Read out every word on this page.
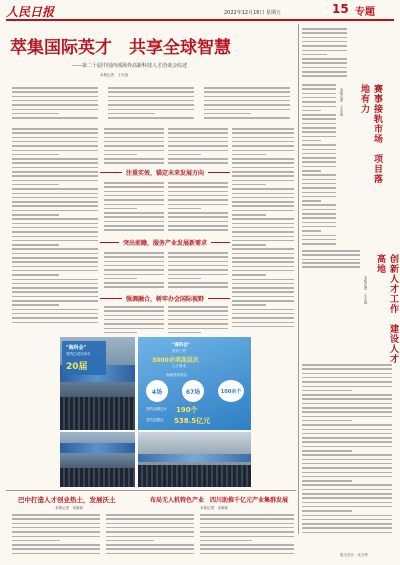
人民日报	2022年12月16日 星期五	15 专题
萃集国际英才　共享全球智慧
——第二十届中国西部海外高新科技人才洽谈会综述
本报记者　王永战
注重实效，锚定未来发展方向
突出前瞻，服务产业发展新需求
强调融合，树牢办会国际视野
赛事接轨市场　项目落地有力
本报记者　王永战
创新人才工作　建设人才高地
本报记者　王永战
"海科会"
签约已成功举办
20届
"海科会"
发布了约
3000余项高层次
人才需求
现场签约项目
4场	67场	100余个
签约金额总计 190个
签约总额达 538.5亿元
巴中打造人才创业热土，发展沃土
本报记者　宋豪新
布局无人机特色产业　四川助推千亿元产业集群发展
本报记者　宋豪新
版式设计：沈亦伶
